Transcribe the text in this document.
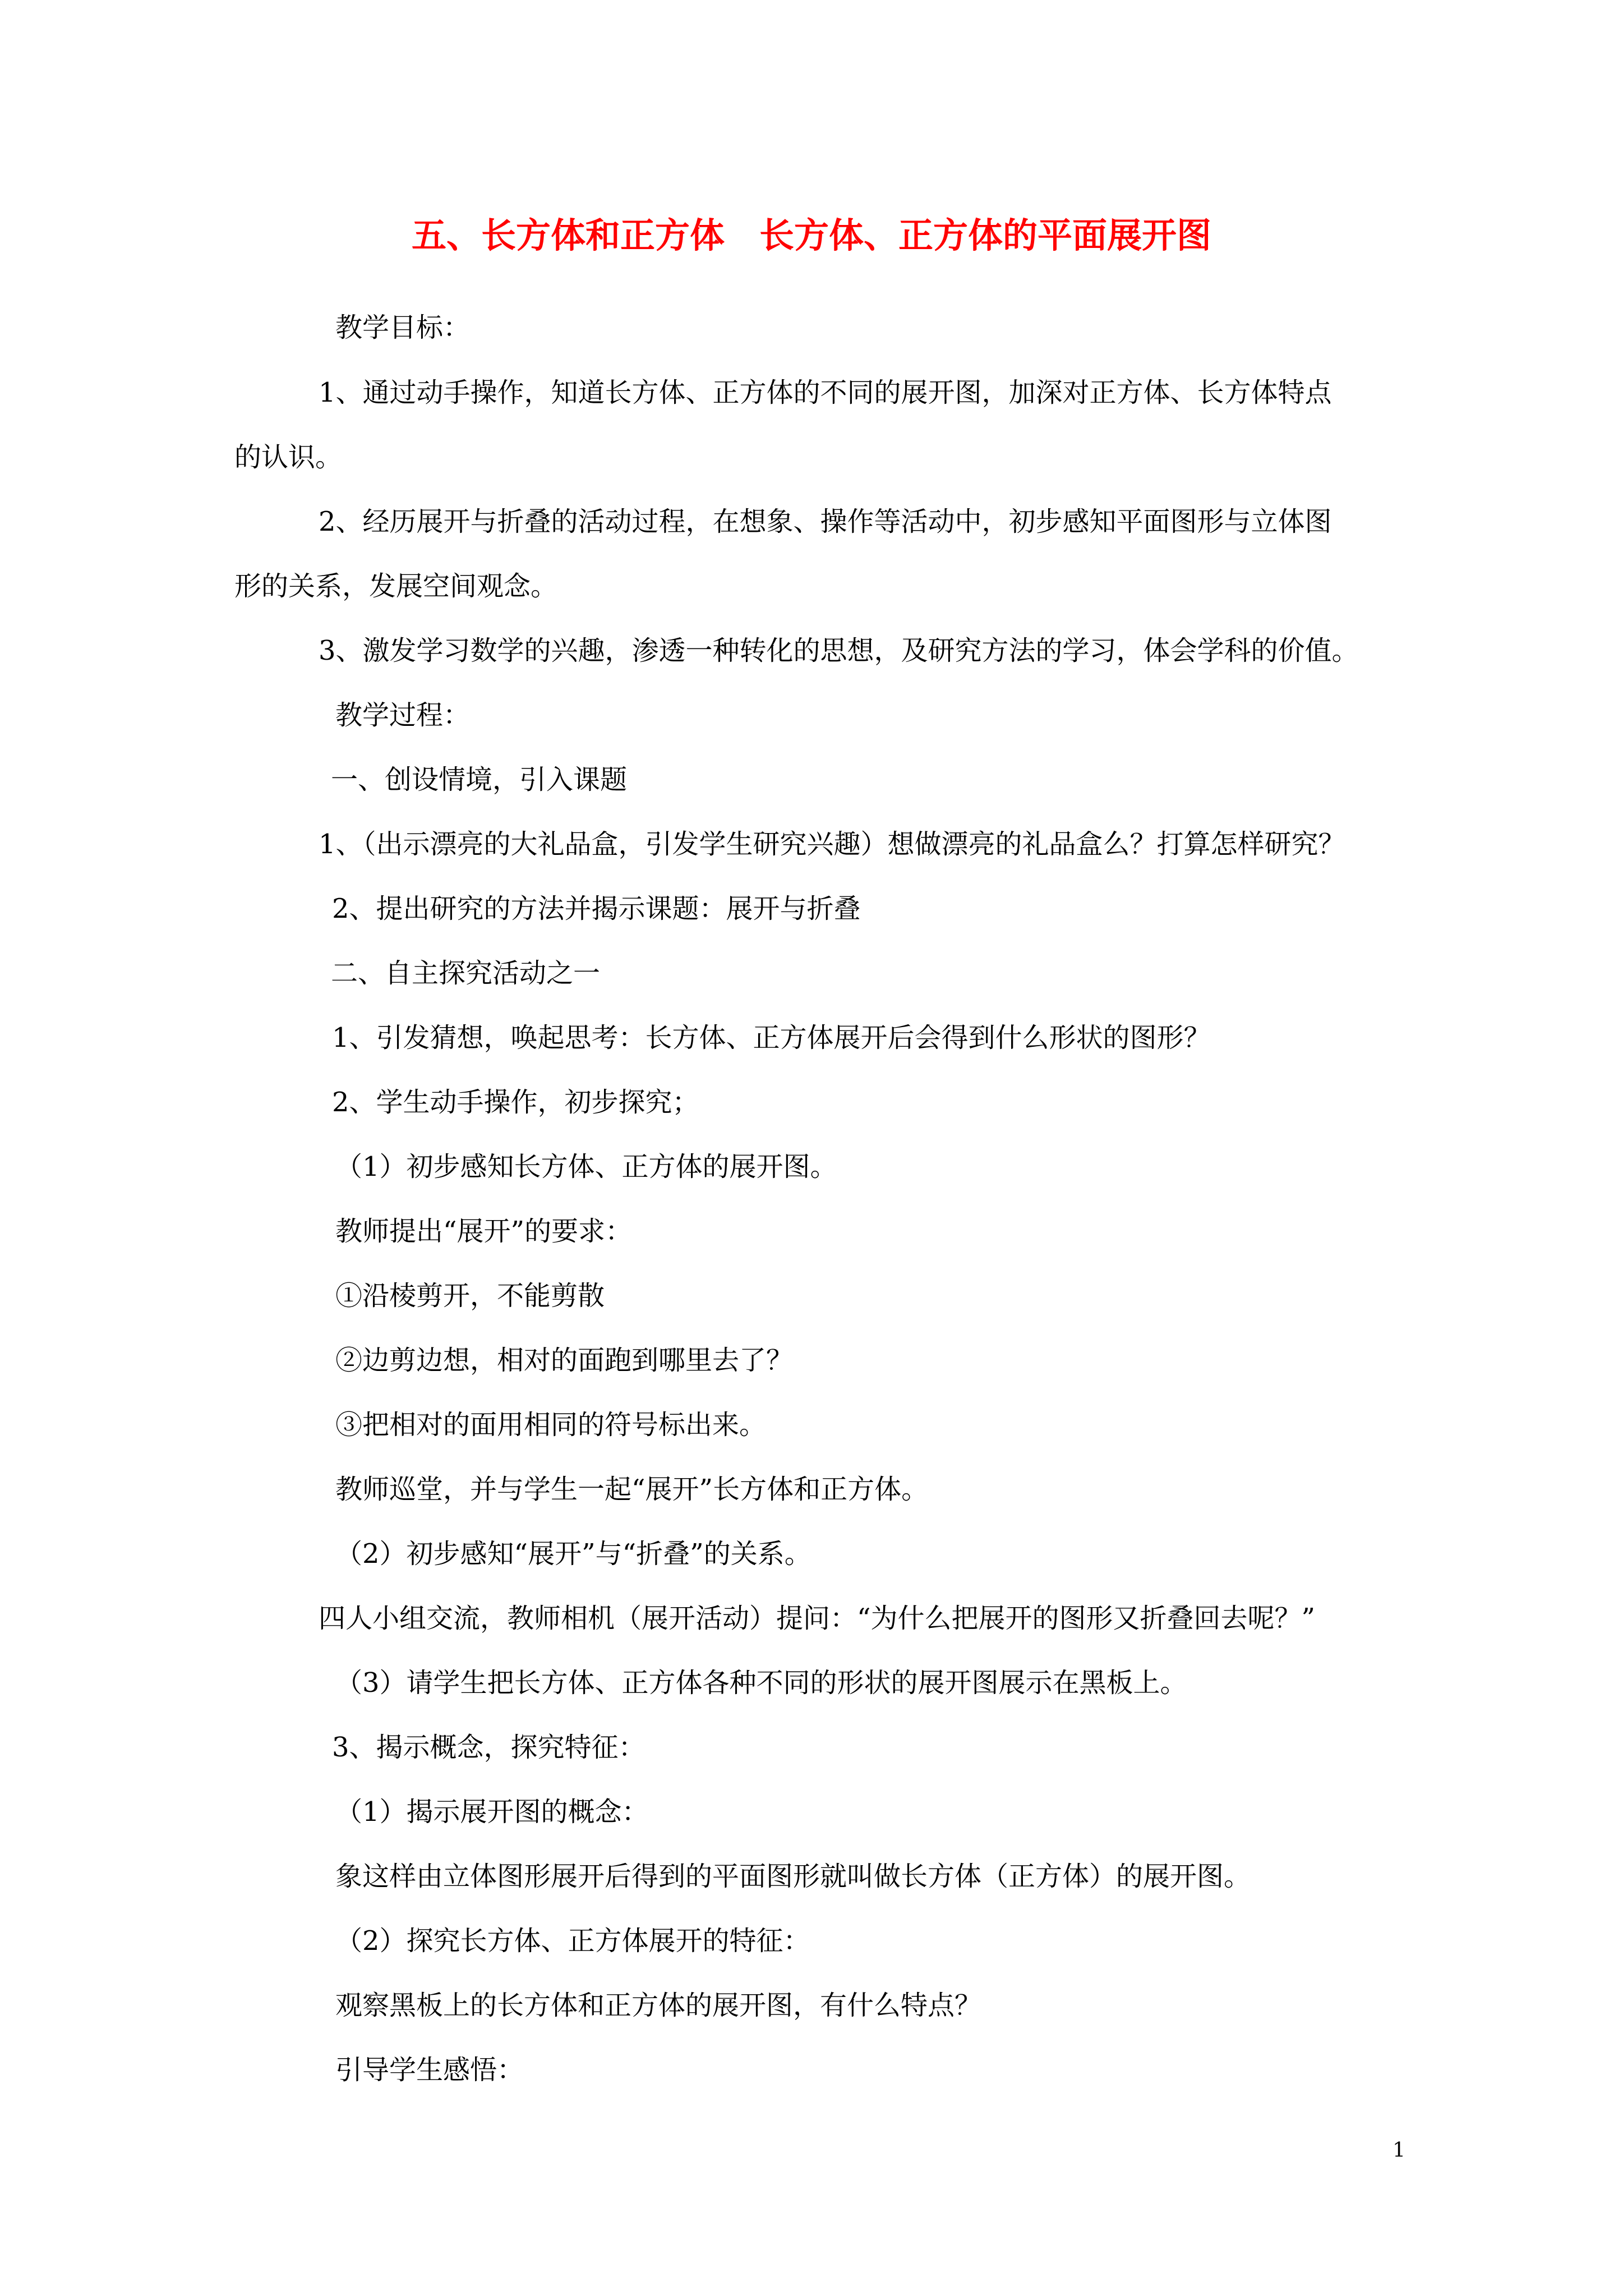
五、长方体和正方体　长方体、正方体的平面展开图
教学目标：
1、通过动手操作，知道长方体、正方体的不同的展开图，加深对正方体、长方体特点
的认识。
2、经历展开与折叠的活动过程，在想象、操作等活动中，初步感知平面图形与立体图
形的关系，发展空间观念。
3、激发学习数学的兴趣，渗透一种转化的思想，及研究方法的学习，体会学科的价值。
教学过程：
一、创设情境，引入课题
1、（出示漂亮的大礼品盒，引发学生研究兴趣）想做漂亮的礼品盒么？打算怎样研究？
2、提出研究的方法并揭示课题：展开与折叠
二、自主探究活动之一
1、引发猜想，唤起思考：长方体、正方体展开后会得到什么形状的图形？
2、学生动手操作，初步探究；
（1）初步感知长方体、正方体的展开图。
教师提出“展开”的要求：
①沿棱剪开，不能剪散
②边剪边想，相对的面跑到哪里去了？
③把相对的面用相同的符号标出来。
教师巡堂，并与学生一起“展开”长方体和正方体。
（2）初步感知“展开”与“折叠”的关系。
四人小组交流，教师相机（展开活动）提问：“为什么把展开的图形又折叠回去呢？”
（3）请学生把长方体、正方体各种不同的形状的展开图展示在黑板上。
3、揭示概念，探究特征：
（1）揭示展开图的概念：
象这样由立体图形展开后得到的平面图形就叫做长方体（正方体）的展开图。
（2）探究长方体、正方体展开的特征：
观察黑板上的长方体和正方体的展开图，有什么特点？
引导学生感悟：
1
